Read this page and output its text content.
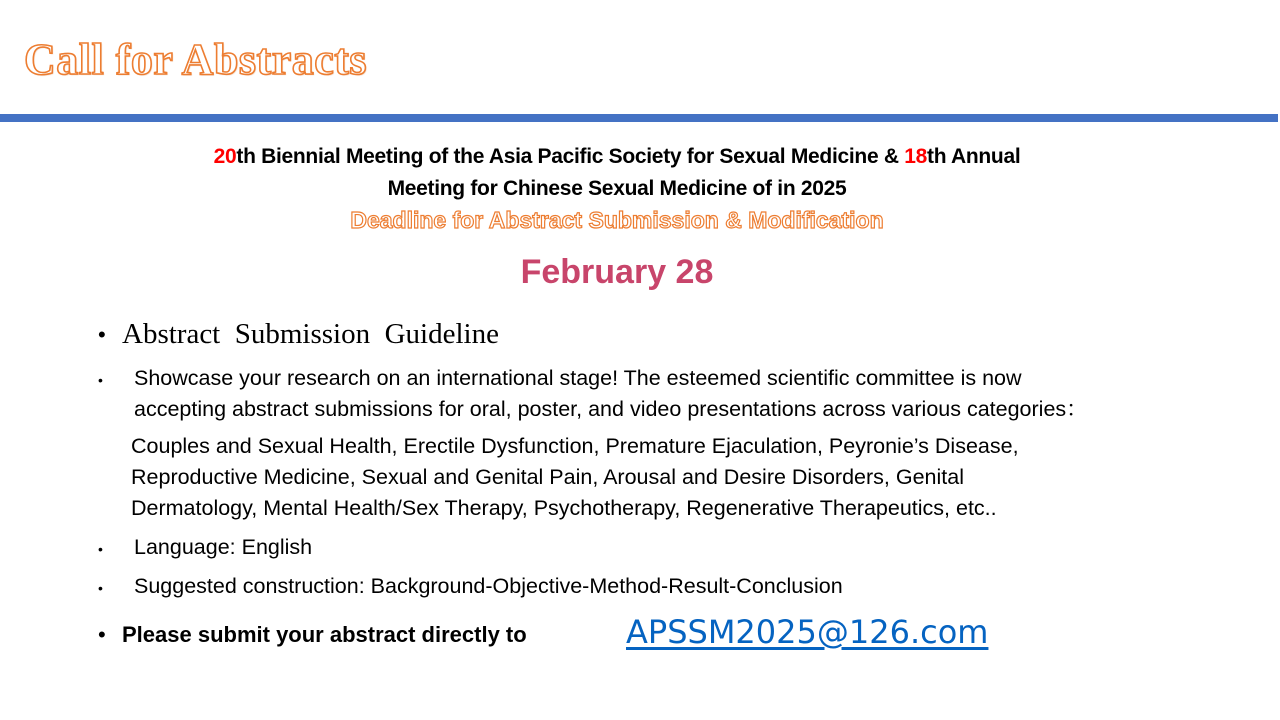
Call for Abstracts
20th Biennial Meeting of the Asia Pacific Society for Sexual Medicine & 18th Annual
Meeting for Chinese Sexual Medicine of in 2025
Deadline for Abstract Submission & Modification
February 28
• Abstract  Submission  Guideline
• Showcase your research on an international stage! The esteemed scientific committee is now
accepting abstract submissions for oral, poster, and video presentations across various categories：
Couples and Sexual Health, Erectile Dysfunction, Premature Ejaculation, Peyronie’s Disease,
Reproductive Medicine, Sexual and Genital Pain, Arousal and Desire Disorders, Genital
Dermatology, Mental Health/Sex Therapy, Psychotherapy, Regenerative Therapeutics, etc..
• Language: English
• Suggested construction: Background-Objective-Method-Result-Conclusion
• Please submit your abstract directly to	APSSM2025@126.com
